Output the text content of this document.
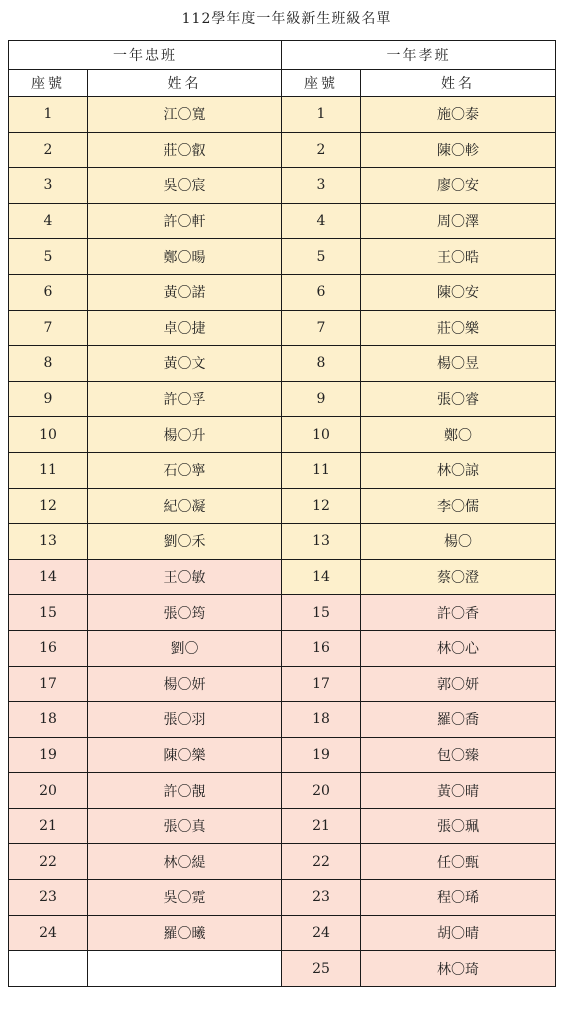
112學年度一年級新生班級名單
一年忠班		一年孝班	
座號	姓名	座號	姓名
1	江〇寬	1	施〇泰
2	莊〇叡	2	陳〇軫
3	吳〇宸	3	廖〇安
4	許〇軒	4	周〇澤
5	鄭〇暘	5	王〇晧
6	黃〇諾	6	陳〇安
7	卓〇捷	7	莊〇樂
8	黃〇文	8	楊〇昱
9	許〇孚	9	張〇睿
10	楊〇升	10	鄭〇
11	石〇寧	11	林〇諒
12	紀〇凝	12	李〇儒
13	劉〇禾	13	楊〇
14	王〇敏	14	蔡〇澄
15	張〇筠	15	許〇香
16	劉〇	16	林〇心
17	楊〇妍	17	郭〇妍
18	張〇羽	18	羅〇喬
19	陳〇樂	19	包〇臻
20	許〇靚	20	黃〇晴
21	張〇真	21	張〇珮
22	林〇緹	22	任〇甄
23	吳〇霓	23	程〇琋
24	羅〇曦	24	胡〇晴
		25	林〇琦
